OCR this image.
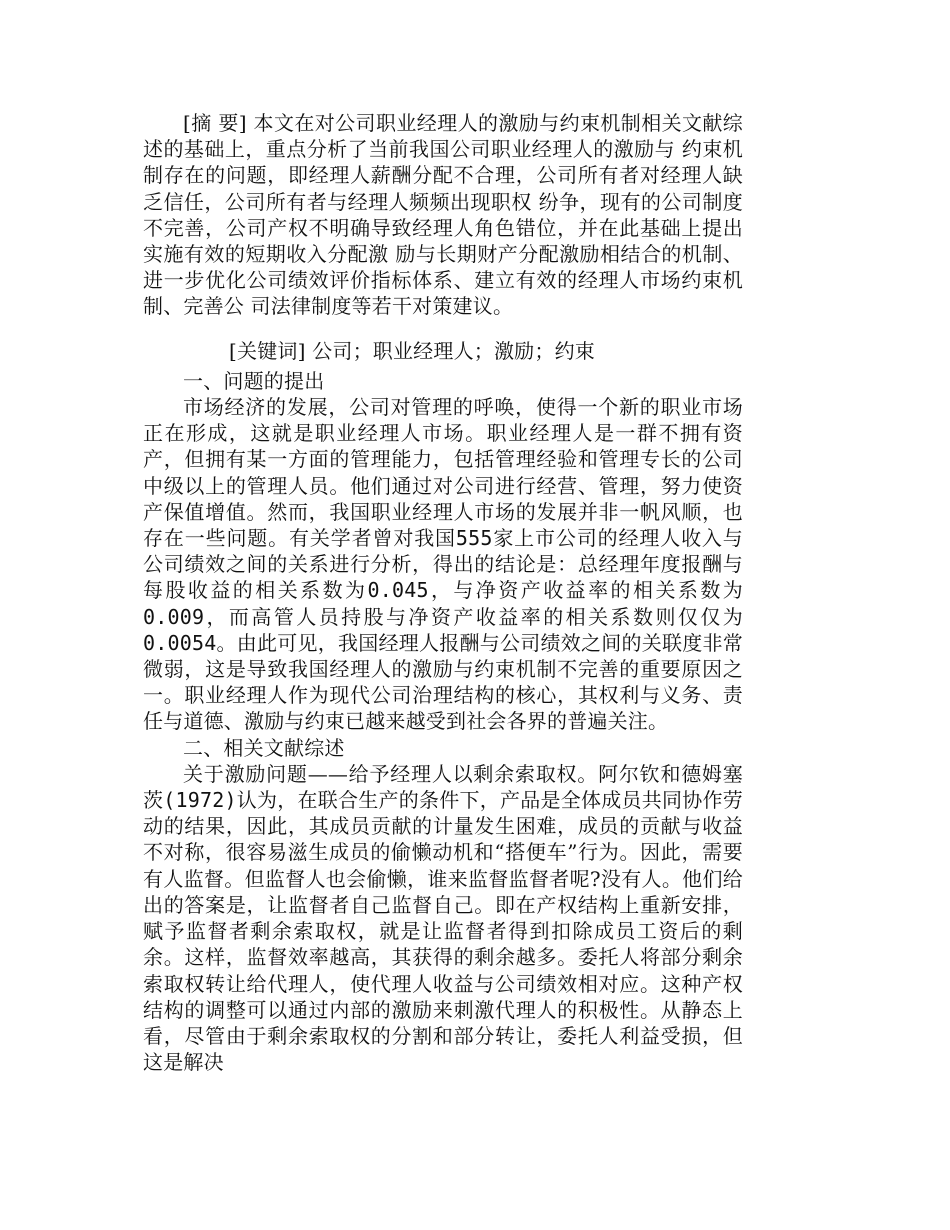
[摘 要] 本文在对公司职业经理人的激励与约束机制相关文献综述的基础上，重点分析了当前我国公司职业经理人的激励与 约束机制存在的问题，即经理人薪酬分配不合理，公司所有者对经理人缺乏信任，公司所有者与经理人频频出现职权 纷争，现有的公司制度不完善，公司产权不明确导致经理人角色错位，并在此基础上提出实施有效的短期收入分配激 励与长期财产分配激励相结合的机制、进一步优化公司绩效评价指标体系、建立有效的经理人市场约束机制、完善公 司法律制度等若干对策建议。

[关键词] 公司；职业经理人；激励；约束

一、问题的提出

市场经济的发展，公司对管理的呼唤，使得一个新的职业市场正在形成，这就是职业经理人市场。职业经理人是一群不拥有资产，但拥有某一方面的管理能力，包括管理经验和管理专长的公司中级以上的管理人员。他们通过对公司进行经营、管理，努力使资产保值增值。然而，我国职业经理人市场的发展并非一帆风顺，也存在一些问题。有关学者曾对我国555家上市公司的经理人收入与公司绩效之间的关系进行分析，得出的结论是：总经理年度报酬与每股收益的相关系数为0.045，与净资产收益率的相关系数为0.009，而高管人员持股与净资产收益率的相关系数则仅仅为0.0054。由此可见，我国经理人报酬与公司绩效之间的关联度非常微弱，这是导致我国经理人的激励与约束机制不完善的重要原因之一。职业经理人作为现代公司治理结构的核心，其权利与义务、责任与道德、激励与约束已越来越受到社会各界的普遍关注。

二、相关文献综述

关于激励问题——给予经理人以剩余索取权。阿尔钦和德姆塞茨(1972)认为，在联合生产的条件下，产品是全体成员共同协作劳动的结果，因此，其成员贡献的计量发生困难，成员的贡献与收益不对称，很容易滋生成员的偷懒动机和“搭便车”行为。因此，需要有人监督。但监督人也会偷懒，谁来监督监督者呢?没有人。他们给出的答案是，让监督者自己监督自己。即在产权结构上重新安排，赋予监督者剩余索取权，就是让监督者得到扣除成员工资后的剩余。这样，监督效率越高，其获得的剩余越多。委托人将部分剩余索取权转让给代理人，使代理人收益与公司绩效相对应。这种产权结构的调整可以通过内部的激励来刺激代理人的积极性。从静态上看，尽管由于剩余索取权的分割和部分转让，委托人利益受损，但这是解决
